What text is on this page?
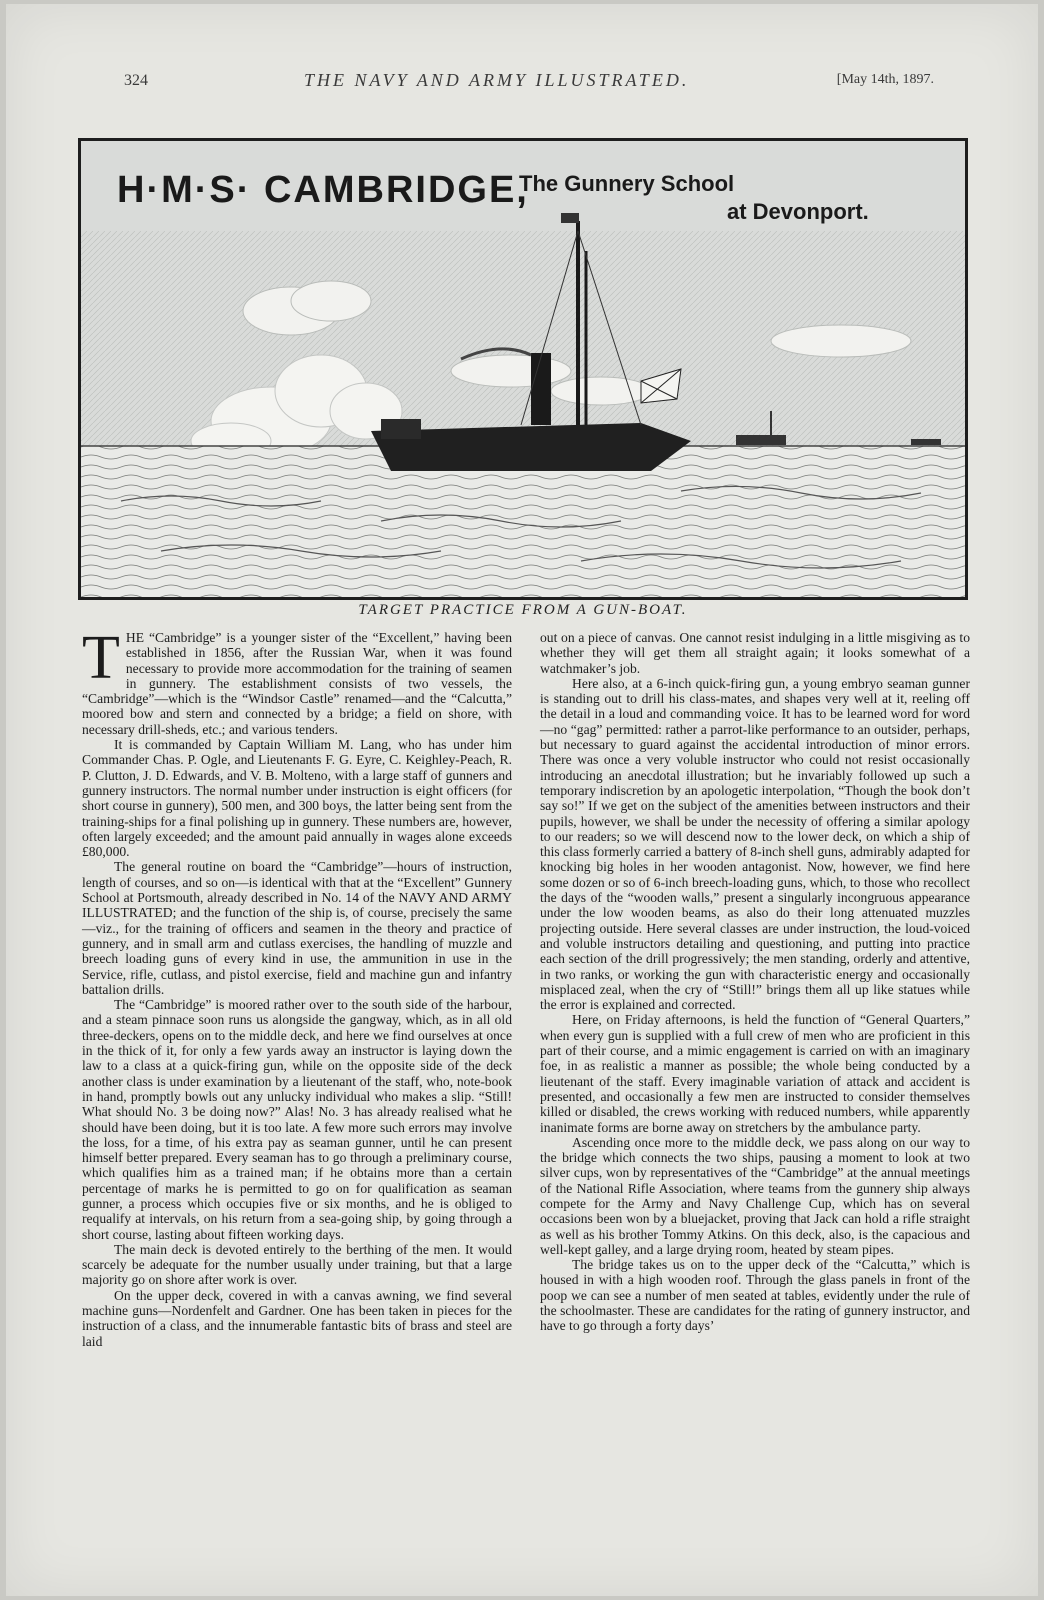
324	THE NAVY AND ARMY ILLUSTRATED.	[May 14th, 1897.
H·M·S· CAMBRIDGE,
The Gunnery School
at Devonport.
TARGET PRACTICE FROM A GUN-BOAT.
T HE “Cambridge” is a younger sister of the “Excellent,” having been established in 1856, after the Russian War, when it was found necessary to provide more accommodation for the training of seamen in gunnery. The establishment consists of two vessels, the “Cambridge”—which is the “Windsor Castle” renamed—and the “Calcutta,” moored bow and stern and connected by a bridge; a field on shore, with necessary drill-sheds, etc.; and various tenders.

It is commanded by Captain William M. Lang, who has under him Commander Chas. P. Ogle, and Lieutenants F. G. Eyre, C. Keighley-Peach, R. P. Clutton, J. D. Edwards, and V. B. Molteno, with a large staff of gunners and gunnery instructors. The normal number under instruction is eight officers (for short course in gunnery), 500 men, and 300 boys, the latter being sent from the training-ships for a final polishing up in gunnery. These numbers are, however, often largely exceeded; and the amount paid annually in wages alone exceeds £80,000.

The general routine on board the “Cambridge”—hours of instruction, length of courses, and so on—is identical with that at the “Excellent” Gunnery School at Portsmouth, already described in No. 14 of the NAVY AND ARMY ILLUSTRATED; and the function of the ship is, of course, precisely the same—viz., for the training of officers and seamen in the theory and practice of gunnery, and in small arm and cutlass exercises, the handling of muzzle and breech loading guns of every kind in use, the ammunition in use in the Service, rifle, cutlass, and pistol exercise, field and machine gun and infantry battalion drills.

The “Cambridge” is moored rather over to the south side of the harbour, and a steam pinnace soon runs us alongside the gangway, which, as in all old three-deckers, opens on to the middle deck, and here we find ourselves at once in the thick of it, for only a few yards away an instructor is laying down the law to a class at a quick-firing gun, while on the opposite side of the deck another class is under examination by a lieutenant of the staff, who, note-book in hand, promptly bowls out any unlucky individual who makes a slip. “Still! What should No. 3 be doing now?” Alas! No. 3 has already realised what he should have been doing, but it is too late. A few more such errors may involve the loss, for a time, of his extra pay as seaman gunner, until he can present himself better prepared. Every seaman has to go through a preliminary course, which qualifies him as a trained man; if he obtains more than a certain percentage of marks he is permitted to go on for qualification as seaman gunner, a process which occupies five or six months, and he is obliged to requalify at intervals, on his return from a sea-going ship, by going through a short course, lasting about fifteen working days.

The main deck is devoted entirely to the berthing of the men. It would scarcely be adequate for the number usually under training, but that a large majority go on shore after work is over.

On the upper deck, covered in with a canvas awning, we find several machine guns—Nordenfelt and Gardner. One has been taken in pieces for the instruction of a class, and the innumerable fantastic bits of brass and steel are laid

out on a piece of canvas. One cannot resist indulging in a little misgiving as to whether they will get them all straight again; it looks somewhat of a watchmaker’s job.

Here also, at a 6-inch quick-firing gun, a young embryo seaman gunner is standing out to drill his class-mates, and shapes very well at it, reeling off the detail in a loud and commanding voice. It has to be learned word for word—no “gag” permitted: rather a parrot-like performance to an outsider, perhaps, but necessary to guard against the accidental introduction of minor errors. There was once a very voluble instructor who could not resist occasionally introducing an anecdotal illustration; but he invariably followed up such a temporary indiscretion by an apologetic interpolation, “Though the book don’t say so!” If we get on the subject of the amenities between instructors and their pupils, however, we shall be under the necessity of offering a similar apology to our readers; so we will descend now to the lower deck, on which a ship of this class formerly carried a battery of 8-inch shell guns, admirably adapted for knocking big holes in her wooden antagonist. Now, however, we find here some dozen or so of 6-inch breech-loading guns, which, to those who recollect the days of the “wooden walls,” present a singularly incongruous appearance under the low wooden beams, as also do their long attenuated muzzles projecting outside. Here several classes are under instruction, the loud-voiced and voluble instructors detailing and questioning, and putting into practice each section of the drill progressively; the men standing, orderly and attentive, in two ranks, or working the gun with characteristic energy and occasionally misplaced zeal, when the cry of “Still!” brings them all up like statues while the error is explained and corrected.

Here, on Friday afternoons, is held the function of “General Quarters,” when every gun is supplied with a full crew of men who are proficient in this part of their course, and a mimic engagement is carried on with an imaginary foe, in as realistic a manner as possible; the whole being conducted by a lieutenant of the staff. Every imaginable variation of attack and accident is presented, and occasionally a few men are instructed to consider themselves killed or disabled, the crews working with reduced numbers, while apparently inanimate forms are borne away on stretchers by the ambulance party.

Ascending once more to the middle deck, we pass along on our way to the bridge which connects the two ships, pausing a moment to look at two silver cups, won by representatives of the “Cambridge” at the annual meetings of the National Rifle Association, where teams from the gunnery ship always compete for the Army and Navy Challenge Cup, which has on several occasions been won by a bluejacket, proving that Jack can hold a rifle straight as well as his brother Tommy Atkins. On this deck, also, is the capacious and well-kept galley, and a large drying room, heated by steam pipes.

The bridge takes us on to the upper deck of the “Calcutta,” which is housed in with a high wooden roof. Through the glass panels in front of the poop we can see a number of men seated at tables, evidently under the rule of the schoolmaster. These are candidates for the rating of gunnery instructor, and have to go through a forty days’
